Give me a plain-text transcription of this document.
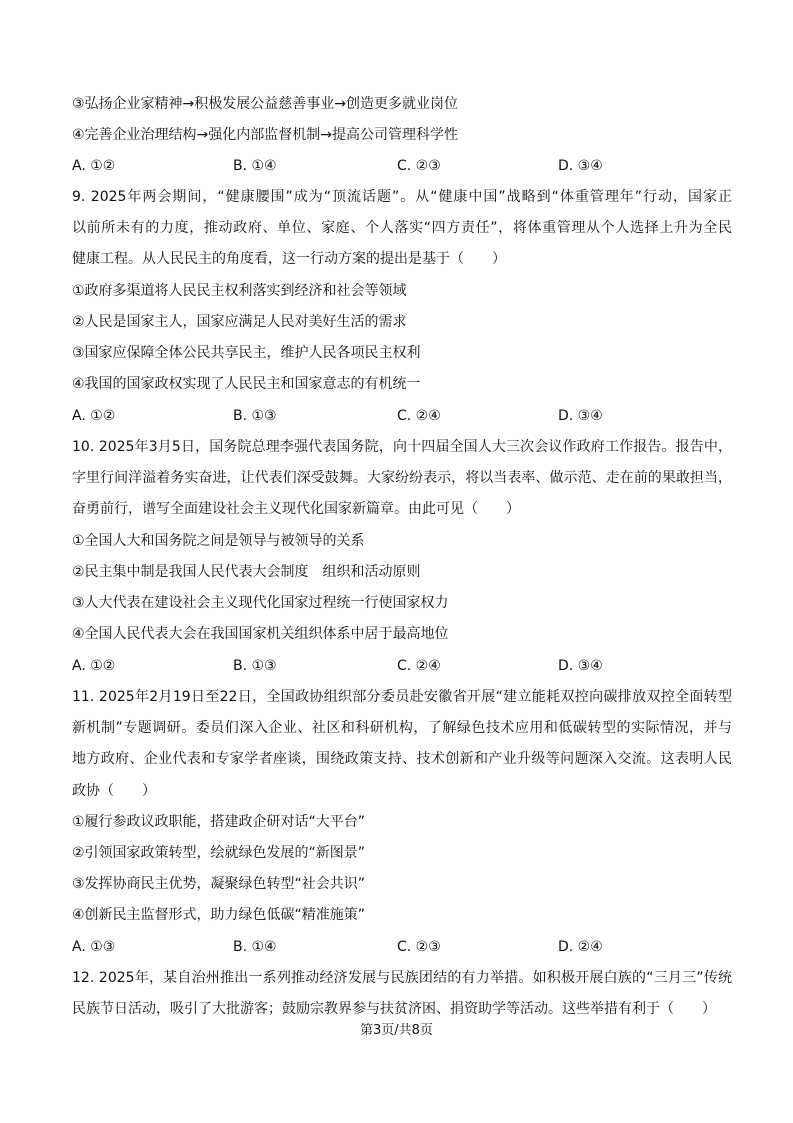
③弘扬企业家精神→积极发展公益慈善事业→创造更多就业岗位
④完善企业治理结构→强化内部监督机制→提高公司管理科学性
A. ①②	B. ①④	C. ②③	D. ③④
9. 2025年两会期间，“健康腰围”成为“顶流话题”。从“健康中国”战略到“体重管理年”行动，国家正
以前所未有的力度，推动政府、单位、家庭、个人落实“四方责任”，将体重管理从个人选择上升为全民
健康工程。从人民民主的角度看，这一行动方案的提出是基于（　　）
①政府多渠道将人民民主权利落实到经济和社会等领域
②人民是国家主人，国家应满足人民对美好生活的需求
③国家应保障全体公民共享民主，维护人民各项民主权利
④我国的国家政权实现了人民民主和国家意志的有机统一
A. ①②	B. ①③	C. ②④	D. ③④
10. 2025年3月5日，国务院总理李强代表国务院，向十四届全国人大三次会议作政府工作报告。报告中，
字里行间洋溢着务实奋进，让代表们深受鼓舞。大家纷纷表示，将以当表率、做示范、走在前的果敢担当，
奋勇前行，谱写全面建设社会主义现代化国家新篇章。由此可见（　　）
①全国人大和国务院之间是领导与被领导的关系
②民主集中制是我国人民代表大会制度　组织和活动原则
③人大代表在建设社会主义现代化国家过程统一行使国家权力
④全国人民代表大会在我国国家机关组织体系中居于最高地位
A. ①②	B. ①③	C. ②④	D. ③④
11. 2025年2月19日至22日，全国政协组织部分委员赴安徽省开展“建立能耗双控向碳排放双控全面转型
新机制”专题调研。委员们深入企业、社区和科研机构，了解绿色技术应用和低碳转型的实际情况，并与
地方政府、企业代表和专家学者座谈，围绕政策支持、技术创新和产业升级等问题深入交流。这表明人民
政协（　　）
①履行参政议政职能，搭建政企研对话“大平台”
②引领国家政策转型，绘就绿色发展的“新图景”
③发挥协商民主优势，凝聚绿色转型“社会共识”
④创新民主监督形式，助力绿色低碳“精准施策”
A. ①③	B. ①④	C. ②③	D. ②④
12. 2025年，某自治州推出一系列推动经济发展与民族团结的有力举措。如积极开展白族的“三月三”传统
民族节日活动，吸引了大批游客；鼓励宗教界参与扶贫济困、捐资助学等活动。这些举措有利于（　　）
第3页/共8页
